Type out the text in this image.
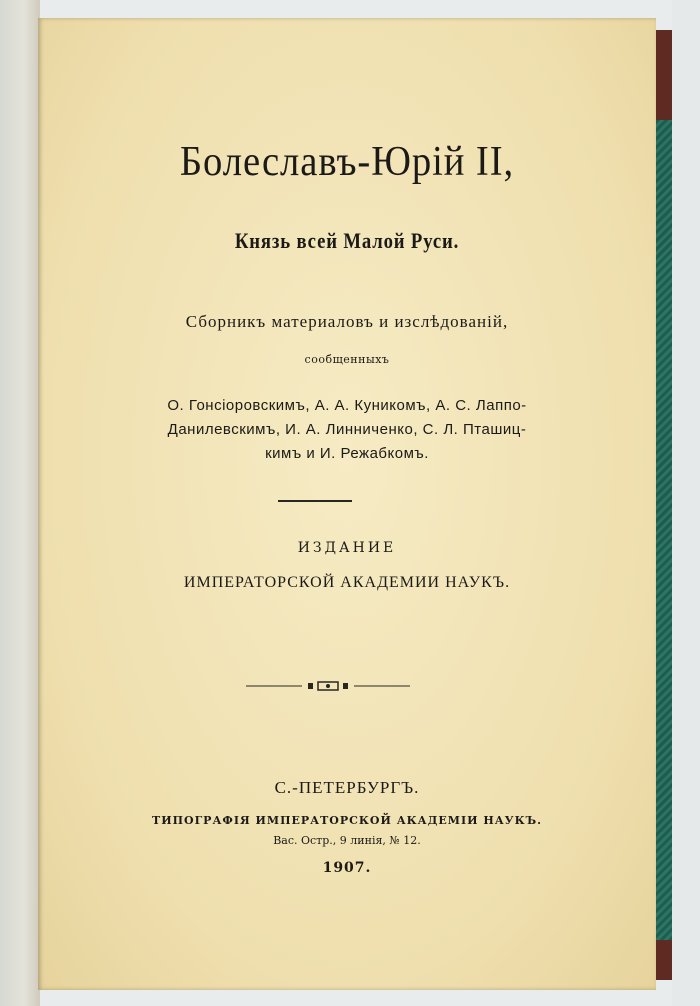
Болеславъ-Юрій II,
Князь всей Малой Руси.
Сборникъ материаловъ и изслѣдованій,
сообщенныхъ
О. Гонсіоровскимъ, А. А. Куникомъ, А. С. Лаппо-
Данилевскимъ, И. А. Линниченко, С. Л. Пташиц-
кимъ и И. Режабкомъ.
ИЗДАНИЕ
ИМПЕРАТОРСКОЙ АКАДЕМИИ НАУКЪ.
С.-ПЕТЕРБУРГЪ.
ТИПОГРАФІЯ ИМПЕРАТОРСКОЙ АКАДЕМІИ НАУКЪ.
Вас. Остр., 9 линія, № 12.
1907.
